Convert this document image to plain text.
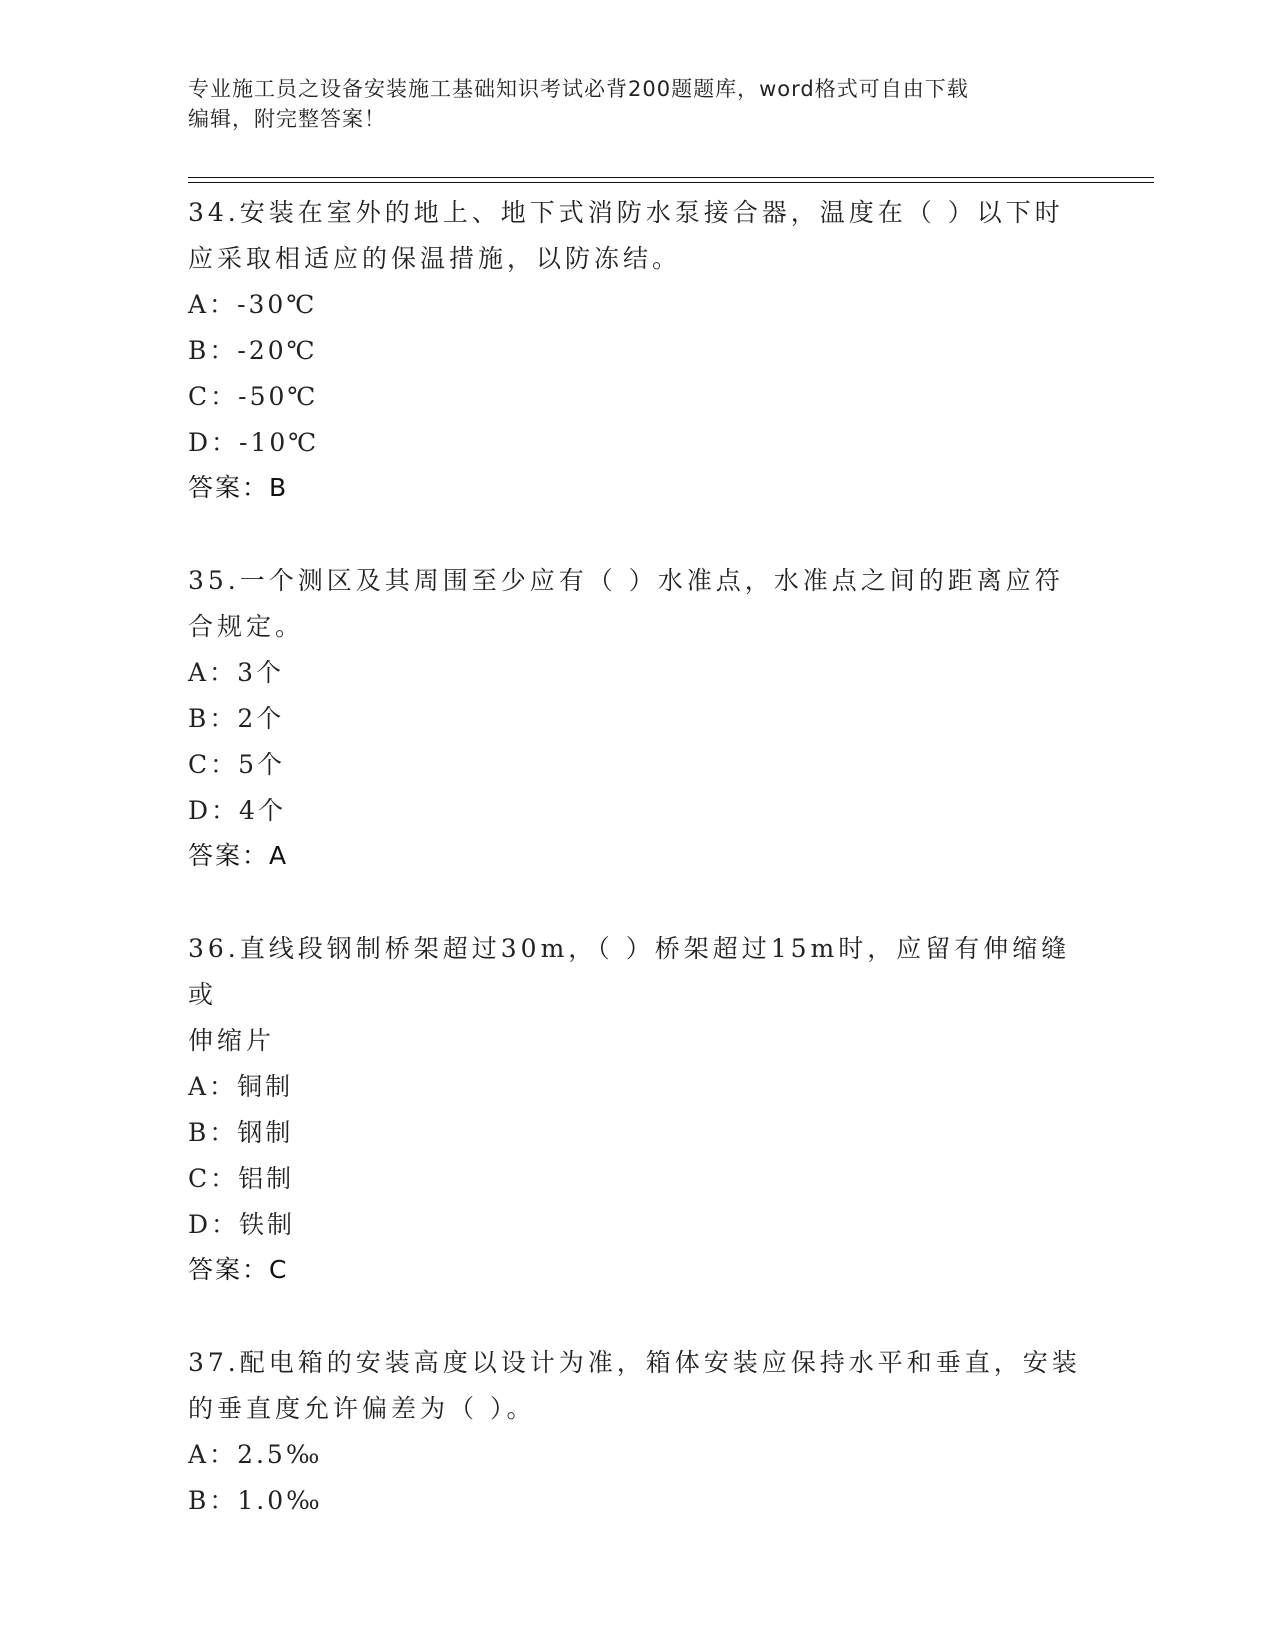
专业施工员之设备安装施工基础知识考试必背200题题库，word格式可自由下载
编辑，附完整答案！

34.安装在室外的地上、地下式消防水泵接合器，温度在（ ）以下时
应采取相适应的保温措施，以防冻结。

A：-30℃

B：-20℃

C：-50℃

D：-10℃

答案：B

35.一个测区及其周围至少应有（ ）水准点，水准点之间的距离应符
合规定。

A：3个

B：2个

C：5个

D：4个

答案：A

36.直线段钢制桥架超过30m，（ ）桥架超过15m时，应留有伸缩缝或
伸缩片

A：铜制

B：钢制

C：铝制

D：铁制

答案：C

37.配电箱的安装高度以设计为准，箱体安装应保持水平和垂直，安装
的垂直度允许偏差为（ ）。

A：2.5‰

B：1.0‰
